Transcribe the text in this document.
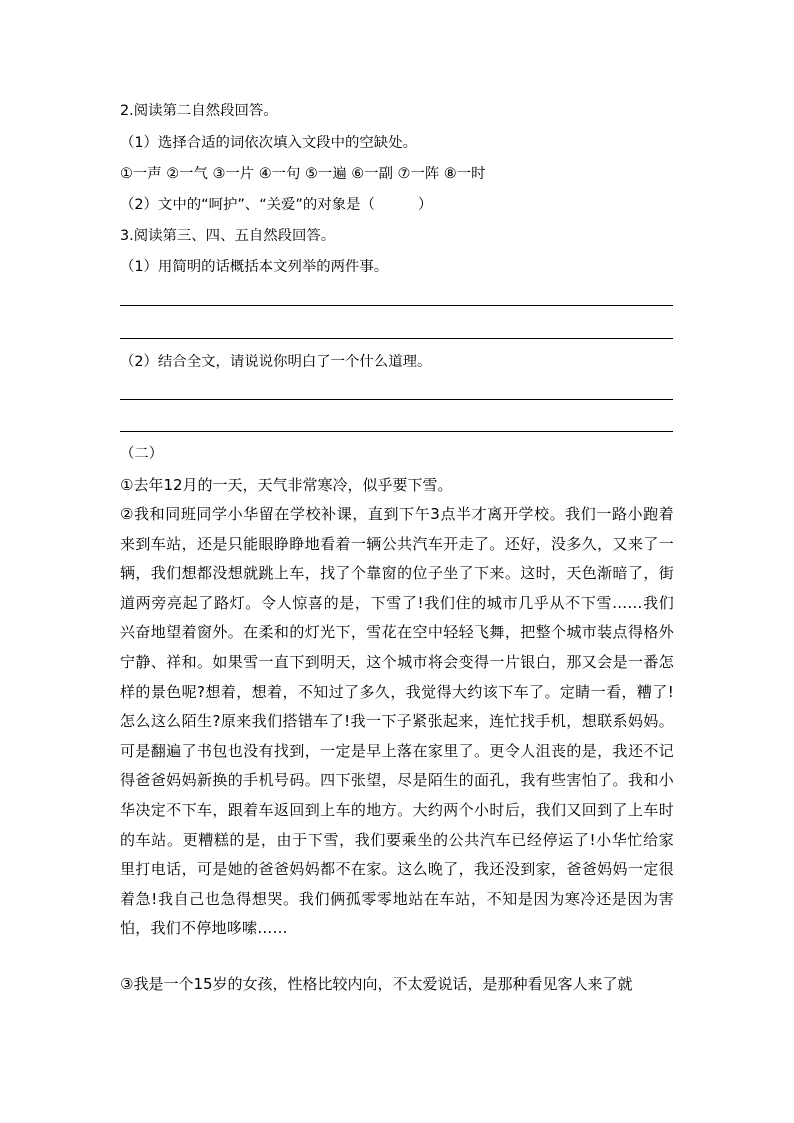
2.阅读第二自然段回答。
（1）选择合适的词依次填入文段中的空缺处。
①一声 ②一气 ③一片 ④一句 ⑤一遍 ⑥一副 ⑦一阵 ⑧一时
（2）文中的“呵护”、“关爱”的对象是（　　　）
3.阅读第三、四、五自然段回答。
（1）用简明的话概括本文列举的两件事。
（2）结合全文，请说说你明白了一个什么道理。
（二）
①去年12月的一天，天气非常寒冷，似乎要下雪。
②我和同班同学小华留在学校补课，直到下午3点半才离开学校。我们一路小跑着来到车站，还是只能眼睁睁地看着一辆公共汽车开走了。还好，没多久，又来了一辆，我们想都没想就跳上车，找了个靠窗的位子坐了下来。这时，天色渐暗了，街道两旁亮起了路灯。令人惊喜的是，下雪了!我们住的城市几乎从不下雪……我们兴奋地望着窗外。在柔和的灯光下，雪花在空中轻轻飞舞，把整个城市装点得格外宁静、祥和。如果雪一直下到明天，这个城市将会变得一片银白，那又会是一番怎样的景色呢?想着，想着，不知过了多久，我觉得大约该下车了。定睛一看，糟了!怎么这么陌生?原来我们搭错车了!我一下子紧张起来，连忙找手机，想联系妈妈。可是翻遍了书包也没有找到，一定是早上落在家里了。更令人沮丧的是，我还不记得爸爸妈妈新换的手机号码。四下张望，尽是陌生的面孔，我有些害怕了。我和小华决定不下车，跟着车返回到上车的地方。大约两个小时后，我们又回到了上车时的车站。更糟糕的是，由于下雪，我们要乘坐的公共汽车已经停运了!小华忙给家里打电话，可是她的爸爸妈妈都不在家。这么晚了，我还没到家，爸爸妈妈一定很着急!我自己也急得想哭。我们俩孤零零地站在车站，不知是因为寒冷还是因为害怕，我们不停地哆嗦……
③我是一个15岁的女孩，性格比较内向，不太爱说话，是那种看见客人来了就
